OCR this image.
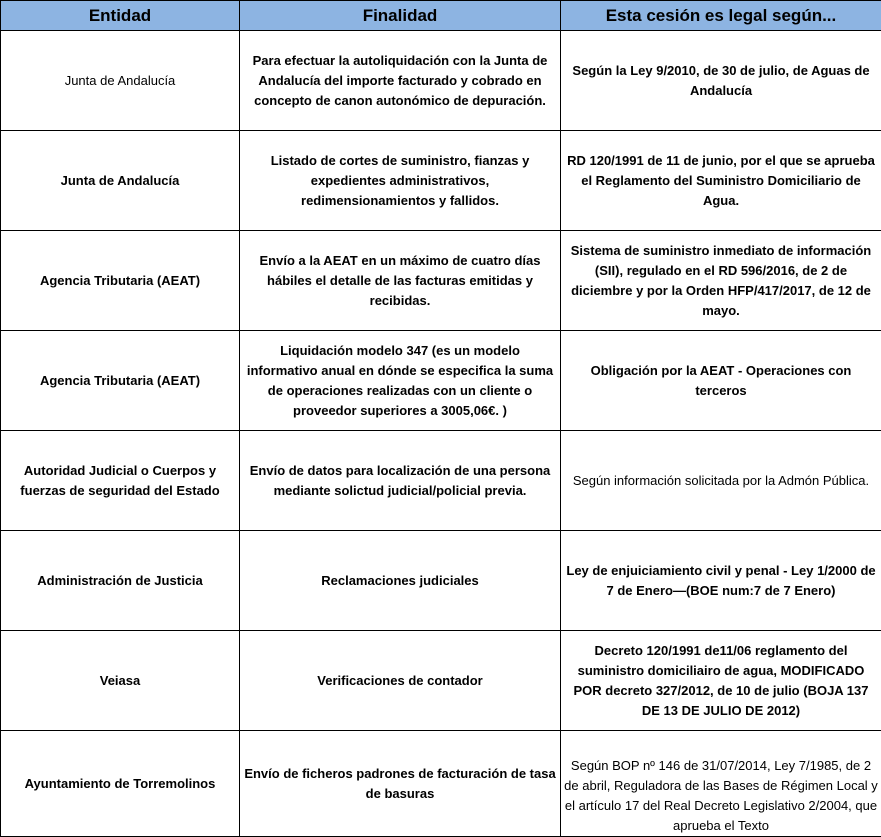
Entidad	Finalidad	Esta cesión es legal según...
Junta de Andalucía	Para efectuar la autoliquidación con la Junta de Andalucía del importe facturado y cobrado en concepto de canon autonómico de depuración.	Según la Ley 9/2010, de 30 de julio, de Aguas de Andalucía
Junta de Andalucía	Listado de cortes de suministro, fianzas y expedientes administrativos, redimensionamientos y fallidos.	RD 120/1991 de 11 de junio, por el que se aprueba el Reglamento del Suministro Domiciliario de Agua.
Agencia Tributaria (AEAT)	Envío a la AEAT en un máximo de cuatro días hábiles el detalle de las facturas emitidas y recibidas.	Sistema de suministro inmediato de información (SII), regulado en el RD 596/2016, de 2 de diciembre y por la Orden HFP/417/2017, de 12 de mayo.
Agencia Tributaria (AEAT)	Liquidación modelo 347 (es un modelo informativo anual en dónde se especifica la suma de operaciones realizadas con un cliente o proveedor superiores a 3005,06€. )	Obligación por la AEAT - Operaciones con terceros
Autoridad Judicial o Cuerpos y fuerzas de seguridad del Estado	Envío de datos para localización de una persona mediante solictud judicial/policial previa.	Según información solicitada por la Admón Pública.
Administración de Justicia	Reclamaciones judiciales	Ley de enjuiciamiento civil y penal - Ley 1/2000 de 7 de Enero—(BOE num:7 de 7 Enero)
Veiasa	Verificaciones de contador	Decreto 120/1991 de11/06 reglamento del suministro domiciliairo de agua, MODIFICADO POR decreto 327/2012, de 10 de julio (BOJA 137 DE 13 DE JULIO DE 2012)
Ayuntamiento de Torremolinos	Envío de ficheros padrones de facturación de tasa de basuras	Según BOP nº 146 de 31/07/2014, Ley 7/1985, de 2 de abril, Reguladora de las Bases de Régimen Local y el artículo 17 del Real Decreto Legislativo 2/2004, que aprueba el Texto
